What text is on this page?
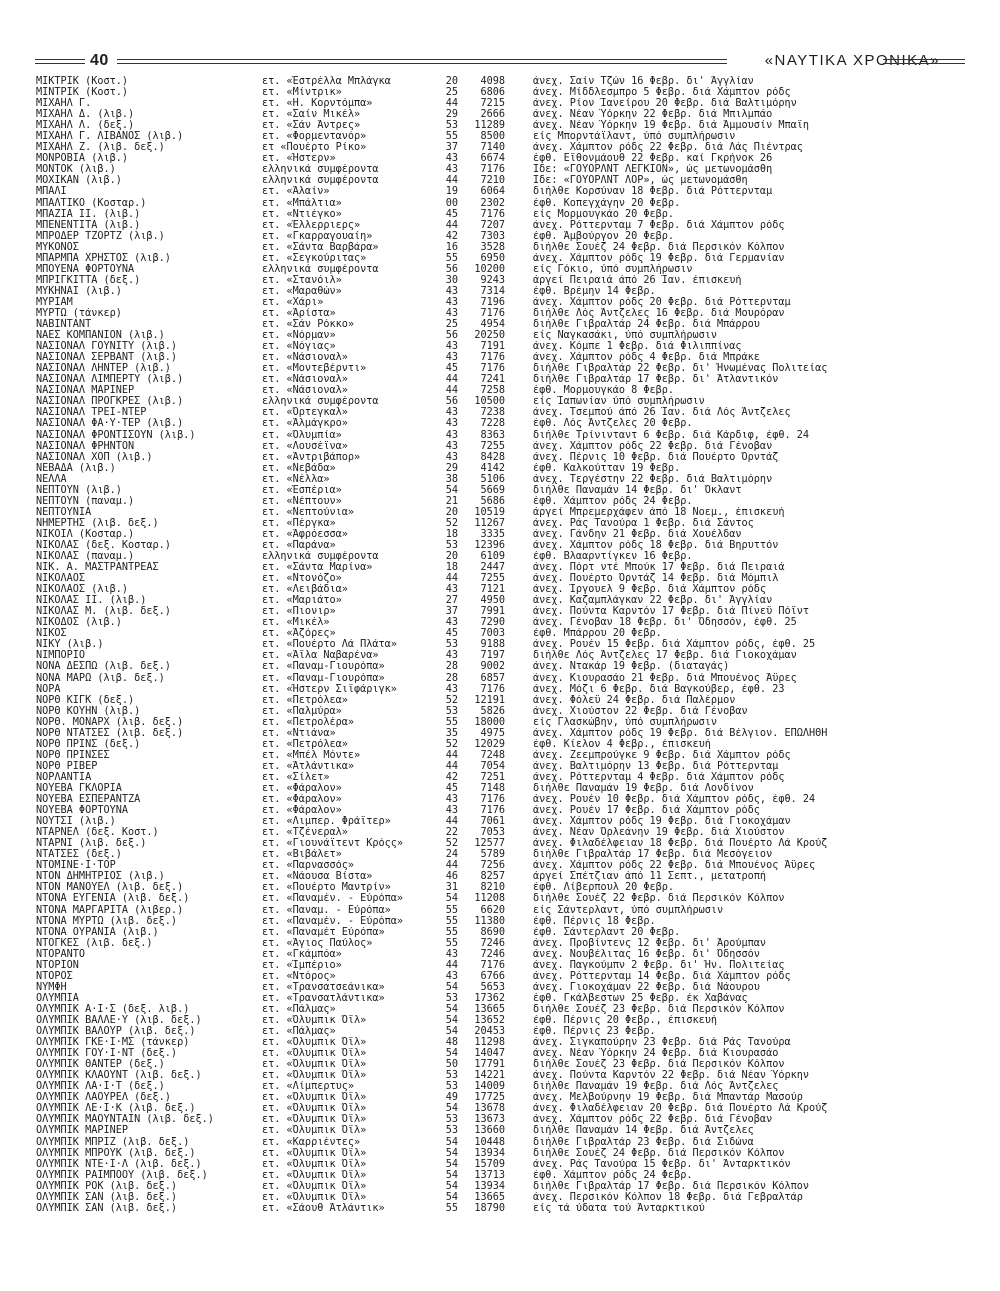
40	«ΝΑΥΤΙΚΑ ΧΡΟΝΙΚΑ»
ΜΙΚΤΡΙΚ (Κοστ.)	ετ. «Έστρέλλα Μπλάγκα	20	4098	άνεχ. Σαίν Τζών 16 Φεβρ. δι' Άγγλίαν
ΜΙΝΤΡΙΚ (Κοστ.)	ετ. «Μίντρικ»	25	6806	άνεχ. Μίδδλεσμπρο 5 Φεβρ. διά Χάμπτον ρόδς
ΜΙΧΑΗΛ Γ.	ετ. «Η. Κορντόμπα»	44	7215	άνεχ. Ρίον Ίανείρου 20 Φεβρ. διά Βαλτιμόρην
ΜΙΧΑΗΛ Δ. (λιβ.)	ετ. «Σαίν Μικέλ»	29	2666	άνεχ. Νέαν Ύόρκην 22 Φεβρ. διά Μπιλμπάο
ΜΙΧΑΗΛ Λ. (δεξ.)	ετ. «Σάν Άντρες»	53	11289	άνεχ. Νέαν Ύόρκην 19 Φεβρ. διά Άμμουσίν Μπαϊη
ΜΙΧΑΗΛ Γ. ΛΙΒΑΝΟΣ (λιβ.)	ετ. «Φορμεντανόρ»	55	8500	είς Μπορντάϊλαντ, ύπό συμπλήρωσιν
ΜΙΧΑΗΛ Ζ. (λιβ. δεξ.)	ετ «Πουέρτο Ρίκο»	37	7140	άνεχ. Χάμπτον ρόδς 22 Φεβρ. διά Λάς Πιέντρας
ΜΟΝΡΟΒΙΑ (λιβ.)	ετ. «Ήστερν»	43	6674	έφθ. Εϊθονμάουθ 22 Φεβρ. καί Γκρήνοκ 26
ΜΟΝΤΟΚ (λιβ.)	ελληνικά συμφέροντα	43	7176	Ίδε: «ΓΟΥΟΡΛΝΤ ΛΕΓΚΙΟΝ», ώς μετωνομάσθη
ΜΟΧΙΚΑΝ (λιβ.)	ελληνικά συμφέροντα	44	7210	Ίδε: «ΓΟΥΟΡΛΝΤ ΛΟΡ», ώς μετωνομάσθη
ΜΠΑΛΙ	ετ. «Άλαίν»	19	6064	διήλθε Κορσύναν 18 Φεβρ. διά Ρόττερνταμ
ΜΠΑΛΤΙΚΟ (Κοσταρ.)	ετ. «Μπάλτια»	00	2302	έφθ. Κοπεγχάγην 20 Φεβρ.
ΜΠΑΖΙΑ ΙΙ. (λιβ.)	ετ. «Ντιέγκο»	45	7176	είς Μορμουγκάο 20 Φεβρ.
ΜΠΕΝΕΝΤΙΤΑ (λιβ.)	ετ. «Έλλερριερς»	44	7207	άνεχ. Ρόττερνταμ 7 Φεβρ. διά Χάμπτον ρόδς
ΜΠΡΟΔΕΡ ΤΖΟΡΤΖ (λιβ.)	ετ. «Γκαρραγουαίη»	42	7303	έφθ. Άμβούργον 20 Φεβρ.
ΜΥΚΟΝΟΣ	ετ. «Σάντα Βαρβάρα»	16	3528	διήλθε Σουέζ 24 Φεβρ. διά Περσικόν Κόλπον
ΜΠΑΡΜΠΑ ΧΡΗΣΤΟΣ (λιβ.)	ετ. «Σεγκούριτας»	55	6950	άνεχ. Χάμπτον ρόδς 19 Φεβρ. διά Γερμανίαν
ΜΠΟΥΕΝΑ ΦΟΡΤΟΥΝΑ	ελληνικά συμφέροντα	56	10200	είς Γόκιο, ύπό συμπλήρωσιν
ΜΠΡΙΓΚΙΤΤΑ (δεξ.)	ετ. «Στανόιλ»	30	9243	άργεί Πειραιά άπό 26 Ίαν. έπισκευή
ΜΥΚΗΝΑΙ (λιβ.)	ετ. «Μαραθών»	43	7314	έφθ. Βρέμην 14 Φεβρ.
ΜΥΡΙΑΜ	ετ. «Χάρι»	43	7196	άνεχ. Χάμπτον ρόδς 20 Φεβρ. διά Ρόττερνταμ
ΜΥΡΤΩ (τάνκερ)	ετ. «Άρίστα»	43	7176	διήλθε Λός Άντζελες 16 Φεβρ. διά Μουρόραν
ΝΑΒΙΝΤΑΝΤ	ετ. «Σάν Ρόκκο»	25	4954	διήλθε Γιβραλτάρ 24 Φεβρ. διά Μπάρρου
ΝΑΕΣ ΚΟΜΠΑΝΙΟΝ (λιβ.)	ετ. «Νόρμαν»	56	20250	είς Ναγκασάκι, ύπό συμπλήρωσιν
ΝΑΣΙΟΝΑΛ ΓΟΥΝΙΤΥ (λιβ.)	ετ. «Νόγιας»	43	7191	άνεχ. Κόμπε 1 Φεβρ. διά Φιλιππίνας
ΝΑΣΙΟΝΑΛ ΣΕΡΒΑΝΤ (λιβ.)	ετ. «Νάσιοναλ»	43	7176	άνεχ. Χάμπτον ρόδς 4 Φεβρ. διά Μπράκε
ΝΑΣΙΟΝΑΛ ΛΗΝΤΕΡ (λιβ.)	ετ. «Μοντεβέρντι»	45	7176	διήλθε Γιβραλτάρ 22 Φεβρ. δι' Ήνωμένας Πολιτείας
ΝΑΣΙΟΝΑΛ ΛΙΜΠΕΡΤΥ (λιβ.)	ετ. «Νάσιοναλ»	44	7241	διήλθε Γιβραλτάρ 17 Φεβρ. δι' Άτλαντικόν
ΝΑΣΙΟΝΑΛ ΜΑΡΙΝΕΡ	ετ. «Νάσιοναλ»	44	7258	έφθ. Μορμουγκάο 8 Φεβρ.
ΝΑΣΙΟΝΑΛ ΠΡΟΓΚΡΕΣ (λιβ.)	ελληνικά συμφέροντα	56	10500	είς Ίαπωνίαν ύπό συμπλήρωσιν
ΝΑΣΙΟΝΑΛ ΤΡΕΙ-ΝΤΕΡ	ετ. «Όρτεγκαλ»	43	7238	άνεχ. Τσεμπού άπό 26 Ίαν. διά Λός Άντζελες
ΝΑΣΙΟΝΑΛ ΦΑ·Υ·ΤΕΡ (λιβ.)	ετ. «Άλμάγκρο»	43	7228	έφθ. Λός Άντζελες 20 Φεβρ.
ΝΑΣΙΟΝΑΛ ΦΡΟΝΤΙΣΟΥΝ (λιβ.)	ετ. «Όλυμπία»	43	8363	διήλθε Τρίνινταντ 6 Φεβρ. διά Κάρδιφ, έφθ. 24
ΝΑΣΙΟΝΑΛ ΦΡΗΝΤΟΝ	ετ. «Λουσέϊνα»	43	7255	άνεχ. Χάμπτον ρόδς 22 Φεβρ. διά Γένοβαν
ΝΑΣΙΟΝΑΛ ΧΟΠ (λιβ.)	ετ. «Άντριβάπορ»	43	8428	άνεχ. Πέρνις 10 Φεβρ. διά Πουέρτο Όρντάζ
ΝΕΒΑΔΑ (λιβ.)	ετ. «Νεβάδα»	29	4142	έφθ. Καλκούτταν 19 Φεβρ.
ΝΕΛΛΑ	ετ. «Νέλλα»	38	5106	άνεχ. Τεργέστην 22 Φεβρ. διά Βαλτιμόρην
ΝΕΠΤΟΥΝ (λιβ.)	ετ. «Έσπέρια»	54	5669	διήλθε Παναμάν 14 Φεβρ. δι' Όκλαντ
ΝΕΠΤΟΥΝ (παναμ.)	ετ. «Νέπτουν»	21	5686	έφθ. Χάμπτον ρόδς 24 Φεβρ.
ΝΕΠΤΟΥΝΙΑ	ετ. «Νεπτούνια»	20	10519	άργεί Μπρεμερχάφεν άπό 18 Νοεμ., έπισκευή
ΝΗΜΕΡΤΗΣ (λιβ. δεξ.)	ετ. «Πέργκα»	52	11267	άνεχ. Ράς Τανούρα 1 Φεβρ. διά Σάντος
ΝΙΚΟΙΛ (Κοσταρ.)	ετ. «Άφρόεσσα»	18	3335	άνεχ. Γάνδην 21 Φεβρ. διά Χουέλδαν
ΝΙΚΟΛΑΣ (δεξ. Κοσταρ.)	ετ. «Παράνα»	53	12396	άνεχ. Χάμπτον ρόδς 18 Φεβρ. διά Βηρυττόν
ΝΙΚΟΛΑΣ (παναμ.)	ελληνικά συμφέροντα	20	6109	έφθ. Βλααρντίγκεν 16 Φεβρ.
ΝΙΚ. Α. ΜΑΣΤΡΑΝΤΡΕΑΣ	ετ. «Σάντα Μαρίνα»	18	2447	άνεχ. Πόρτ ντέ Μπούκ 17 Φεβρ. διά Πειραιά
ΝΙΚΟΛΑΟΣ	ετ. «Ντονόζο»	44	7255	άνεχ. Πουέρτο Όρντάζ 14 Φεβρ. διά Μόμπιλ
ΝΙΚΟΛΑΟΣ (λιβ.)	ετ. «Λειβάδια»	43	7121	άνεχ. Ίργουελ 9 Φεβρ. διά Χάμπτον ρόδς
ΝΙΚΟΛΑΣ ΙΙ. (λιβ.)	ετ. «Μαριάτο»	27	4950	άνεχ. Καζαμπλάγκαν 22 Φεβρ. δι' Άγγλίαν
ΝΙΚΟΛΑΣ Μ. (λιβ. δεξ.)	ετ. «Πιονιρ»	37	7991	άνεχ. Πούντα Καρντόν 17 Φεβρ. διά Πίνεϋ Πόϊντ
ΝΙΚΟΔΟΣ (λιβ.)	ετ. «Μικέλ»	43	7290	άνεχ. Γένοβαν 18 Φεβρ. δι' Όδησσόν, έφθ. 25
ΝΙΚΟΣ	ετ. «Άζόρες»	45	7003	έφθ. Μπάρρου 20 Φεβρ.
ΝΙΚΥ (λιβ.)	ετ. «Πουέρτο Λά Πλάτα»	53	9188	άνεχ. Ρουέν 15 Φεβρ. διά Χάμπτον ρόδς, έφθ. 25
ΝΙΜΠΟΡΙΟ	ετ. «Άϊλα Ναβαρένα»	43	7197	διήλθε Λός Άντζελες 17 Φεβρ. διά Γιοκοχάμαν
ΝΟΝΑ ΔΕΣΠΩ (λιβ. δεξ.)	ετ. «Παναμ-Γιουρόπα»	28	9002	άνεχ. Ντακάρ 19 Φεβρ. (διαταγάς)
ΝΟΝΑ ΜΑΡΩ (λιβ. δεξ.)	ετ. «Παναμ-Γιουρόπα»	28	6857	άνεχ. Κιουρασάο 21 Φεβρ. διά Μπουένος Άϋρες
ΝΟΡΑ	ετ. «Ήστερν Σιϊφάριγκ»	43	7176	άνεχ. Μόζι 6 Φεβρ. διά Βαγκούβερ, έφθ. 23
ΝΟΡΘ ΚΙΓΚ (δεξ.)	ετ. «Πετρόλεα»	52	12191	άνεχ. Φόλεϋ 24 Φεβρ. διά Παλέρμον
ΝΟΡΘ ΚΟΥΗΝ (λιβ.)	ετ. «Παλμύρα»	53	5826	άνεχ. Χιούστον 22 Φεβρ. διά Γένοβαν
ΝΟΡΘ. ΜΟΝΑΡΧ (λιβ. δεξ.)	ετ. «Πετρολέρα»	55	18000	είς Γλασκώβην, ύπό συμπλήρωσιν
ΝΟΡΘ ΝΤΑΤΣΕΣ (λιβ. δεξ.)	ετ. «Ντιάνα»	35	4975	άνεχ. Χάμπτον ρόδς 19 Φεβρ. διά Βέλγιον. ΕΠΩΛΗΘΗ
ΝΟΡΘ ΠΡΙΝΣ (δεξ.)	ετ. «Πετρόλεα»	52	12029	έφθ. Κίελον 4 Φεβρ., έπισκευή
ΝΟΡΘ ΠΡΙΝΣΕΣ	ετ. «Μπέλ Μόντε»	44	7248	άνεχ. Ζεεμπρούγκε 9 Φεβρ. διά Χάμπτον ρόδς
ΝΟΡΘ ΡΙΒΕΡ	ετ. «Άτλάντικα»	44	7054	άνεχ. Βαλτιμόρην 13 Φεβρ. διά Ρόττερνταμ
ΝΟΡΛΑΝΤΙΑ	ετ. «Σίλετ»	42	7251	άνεχ. Ρόττερνταμ 4 Φεβρ. διά Χάμπτον ρόδς
ΝΟΥΕΒΑ ΓΚΛΟΡΙΑ	ετ. «Φάραλον»	45	7148	διήλθε Παναμάν 19 Φεβρ. διά Λονδίνον
ΝΟΥΕΒΑ ΕΣΠΕΡΑΝΤΖΑ	ετ. «Φάραλον»	43	7176	άνεχ. Ρουέν 10 Φεβρ. διά Χάμπτον ρόδς, έφθ. 24
ΝΟΥΕΒΑ ΦΟΡΤΟΥΝΑ	ετ. «Φάραλον»	43	7176	άνεχ. Ρουέν 17 Φεβρ. διά Χάμπτον ρόδς
ΝΟΥΤΣΙ (λιβ.)	ετ. «Λιμπερ. Φράϊτερ»	44	7061	άνεχ. Χάμπτον ρόδς 19 Φεβρ. διά Γιοκοχάμαν
ΝΤΑΡΝΕΛ (δεξ. Κοστ.)	ετ. «Τζένεραλ»	22	7053	άνεχ. Νέαν Όρλεάνην 19 Φεβρ. διά Χιούστον
ΝΤΑΡΝΙ (λιβ. δεξ.)	ετ. «Γιουνάϊτεντ Κρόςς»	52	12577	άνεχ. Φιλαδέλφειαν 18 Φεβρ. διά Πουέρτο Λά Κρούζ
ΝΤΑΤΣΕΣ (δεξ.)	ετ. «Βιβάλετ»	24	5789	διήλθε Γιβραλτάρ 17 Φεβρ. διά Μεσόγειον
ΝΤΟΜΙΝΕ·Ι·ΤΟΡ	ετ. «Παρνασσός»	44	7256	άνεχ. Χάμπτον ρόδς 22 Φεβρ. διά Μπουένος Άϋρες
ΝΤΟΝ ΔΗΜΗΤΡΙΟΣ (λιβ.)	ετ. «Νάουσα Βίστα»	46	8257	άργεί Σπέτζιαν άπό 11 Σεπτ., μετατροπή
ΝΤΟΝ ΜΑΝΟΥΕΛ (λιβ. δεξ.)	ετ. «Πουέρτο Μαντρίν»	31	8210	έφθ. Λίβερπουλ 20 Φεβρ.
ΝΤΟΝΑ ΕΥΓΕΝΙΑ (λιβ. δεξ.)	ετ. «Παναμέν. - Εύρόπα»	54	11208	διήλθε Σουέζ 22 Φεβρ. διά Περσικόν Κόλπον
ΝΤΟΝΑ ΜΑΡΓΑΡΙΤΑ (λιβερ.)	ετ. «Παναμ. - Εύρόπα»	55	6620	είς Σάντερλαντ, ύπό συμπλήρωσιν
ΝΤΟΝΑ ΜΥΡΤΩ (λιβ. δεξ.)	ετ. «Παναμέν. - Εύρόπα»	55	11380	έφθ. Πέρνις 18 Φεβρ.
ΝΤΟΝΑ ΟΥΡΑΝΙΑ (λιβ.)	ετ. «Παναμέτ Εύρόπα»	55	8690	έφθ. Σάντερλαντ 20 Φεβρ.
ΝΤΟΓΚΕΣ (λιβ. δεξ.)	ετ. «Άγιος Παύλος»	55	7246	άνεχ. Προβίντενς 12 Φεβρ. δι' Άρούμπαν
ΝΤΟΡΑΝΤΟ	ετ. «Γκάμπόα»	43	7246	άνεχ. Νουβέλιτας 16 Φεβρ. δι' Όδησσόν
ΝΤΟΡΙΟΝ	ετ. «Ίμπέριο»	44	7176	άνεχ. Παγκούμπν 2 Φεβρ. δι' Ήν. Πολιτείας
ΝΤΟΡΟΣ	ετ. «Ντόρος»	43	6766	άνεχ. Ρόττερνταμ 14 Φεβρ. διά Χάμπτον ρόδς
ΝΥΜΦΗ	ετ. «Τρανσατσεάνικα»	54	5653	άνεχ. Γιοκοχάμαν 22 Φεβρ. διά Νάουρου
ΟΛΥΜΠΙΑ	ετ. «Τρανσατλάντικα»	53	17362	έφθ. Γκάλβεστων 25 Φεβρ. έκ Χαβάνας
ΟΛΥΜΠΙΚ Α·Ι·Σ (δεξ. λιβ.)	ετ. «Πάλμας»	54	13665	διήλθε Σουέζ 23 Φεβρ. διά Περσικόν Κόλπον
ΟΛΥΜΠΙΚ ΒΑΛΛΕ·Υ (λιβ. δεξ.)	ετ. «Όλυμπικ Όϊλ»	54	13652	έφθ. Πέρνις 20 Φεβρ., έπισκευή
ΟΛΥΜΠΙΚ ΒΑΛΟΥΡ (λιβ. δεξ.)	ετ. «Πάλμας»	54	20453	έφθ. Πέρνις 23 Φεβρ.
ΟΛΥΜΠΙΚ ΓΚΕ·Ι·ΜΣ (τάνκερ)	ετ. «Όλυμπικ Όϊλ»	48	11298	άνεχ. Σιγκαπούρην 23 Φεβρ. διά Ράς Τανούρα
ΟΛΥΜΠΙΚ ΓΟΥ·Ι·ΝΤ (δεξ.)	ετ. «Όλυμπικ Όϊλ»	54	14047	άνεχ. Νέαν Ύόρκην 24 Φεβρ. διά Κιουρασάο
ΟΛΥΜΠΙΚ ΘΑΝΤΕΡ (δεξ.)	ετ. «Όλυμπικ Όϊλ»	50	17791	διήλθε Σουέζ 23 Φεβρ. διά Περσικόν Κόλπον
ΟΛΥΜΠΙΚ ΚΛΑΟΥΝΤ (λιβ. δεξ.)	ετ. «Όλυμπικ Όϊλ»	53	14221	άνεχ. Πούντα Καρντόν 22 Φεβρ. διά Νέαν Ύόρκην
ΟΛΥΜΠΙΚ ΛΑ·Ι·Τ (δεξ.)	ετ. «Λίμπερτυς»	53	14009	διήλθε Παναμάν 19 Φεβρ. διά Λός Άντζελες
ΟΛΥΜΠΙΚ ΛΑΟΥΡΕΛ (δεξ.)	ετ. «Όλυμπικ Όϊλ»	49	17725	άνεχ. Μελβούρνην 19 Φεβρ. διά Μπαντάρ Μασούρ
ΟΛΥΜΠΙΚ ΛΕ·Ι·Κ (λιβ. δεξ.)	ετ. «Όλυμπικ Όϊλ»	54	13678	άνεχ. Φιλαδέλφειαν 20 Φεβρ. διά Πουέρτο Λά Κρούζ
ΟΛΥΜΠΙΚ ΜΑΟΥΝΤΑΙΝ (λιβ. δεξ.)	ετ. «Όλυμπικ Όϊλ»	53	13673	άνεχ. Χάμπτον ρόδς 22 Φεβρ. διά Γένοβαν
ΟΛΥΜΠΙΚ ΜΑΡΙΝΕΡ	ετ. «Όλυμπικ Όϊλ»	53	13660	διήλθε Παναμάν 14 Φεβρ. διά Άντζελες
ΟΛΥΜΠΙΚ ΜΠΡΙΖ (λιβ. δεξ.)	ετ. «Καρριέντες»	54	10448	διήλθε Γιβραλτάρ 23 Φεβρ. διά Σιδώνα
ΟΛΥΜΠΙΚ ΜΠΡΟΥΚ (λιβ. δεξ.)	ετ. «Όλυμπικ Όϊλ»	54	13934	διήλθε Σουέζ 24 Φεβρ. διά Περσικόν Κόλπον
ΟΛΥΜΠΙΚ ΝΤΕ·Ι·Λ (λιβ. δεξ.)	ετ. «Όλυμπικ Όϊλ»	54	15709	άνεχ. Ράς Τανούρα 15 Φεβρ. δι' Άνταρκτικόν
ΟΛΥΜΠΙΚ ΡΑΙΜΠΟΟΥ (λιβ. δεξ.)	ετ. «Όλυμπικ Όϊλ»	54	13713	έφθ. Χάμπτον ρόδς 24 Φεβρ.
ΟΛΥΜΠΙΚ ΡΟΚ (λιβ. δεξ.)	ετ. «Όλυμπικ Όϊλ»	54	13934	διήλθε Γιβραλτάρ 17 Φεβρ. διά Περσικόν Κόλπον
ΟΛΥΜΠΙΚ ΣΑΝ (λιβ. δεξ.)	ετ. «Όλυμπικ Όϊλ»	54	13665	άνεχ. Περσικόν Κόλπον 18 Φεβρ. διά Γεβραλτάρ
ΟΛΥΜΠΙΚ ΣΑΝ (λιβ. δεξ.)	ετ. «Σάουθ Άτλάντικ»	55	18790	είς τά ύδατα τού Άνταρκτικού
